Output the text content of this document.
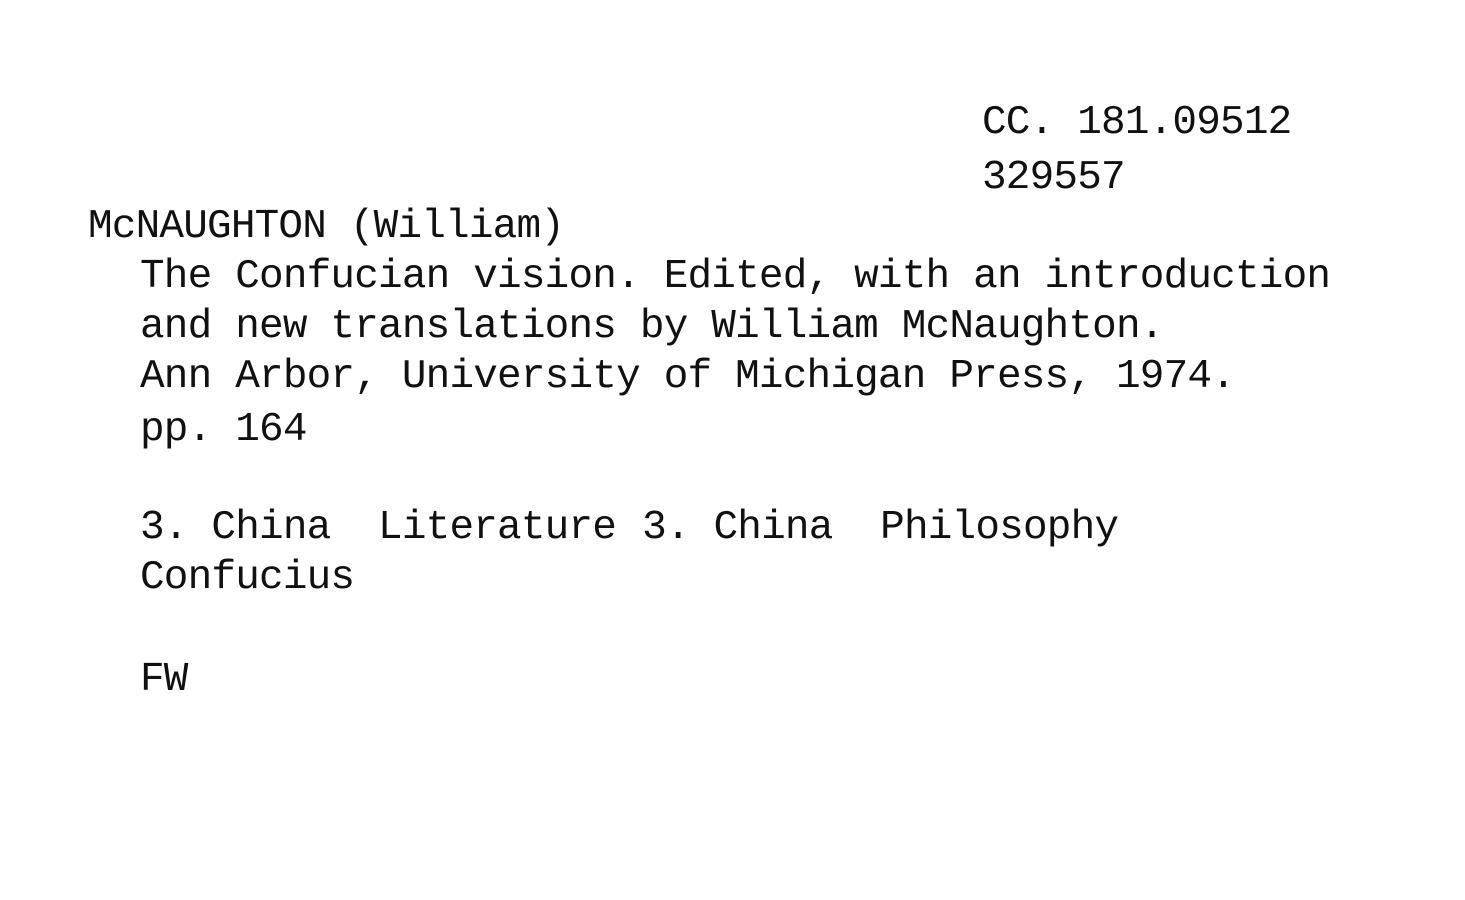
CC. 181.09512
329557
McNAUGHTON (William)
The Confucian vision. Edited, with an introduction
and new translations by William McNaughton.
Ann Arbor, University of Michigan Press, 1974.
pp. 164
3. China  Literature 3. China  Philosophy
Confucius
FW
